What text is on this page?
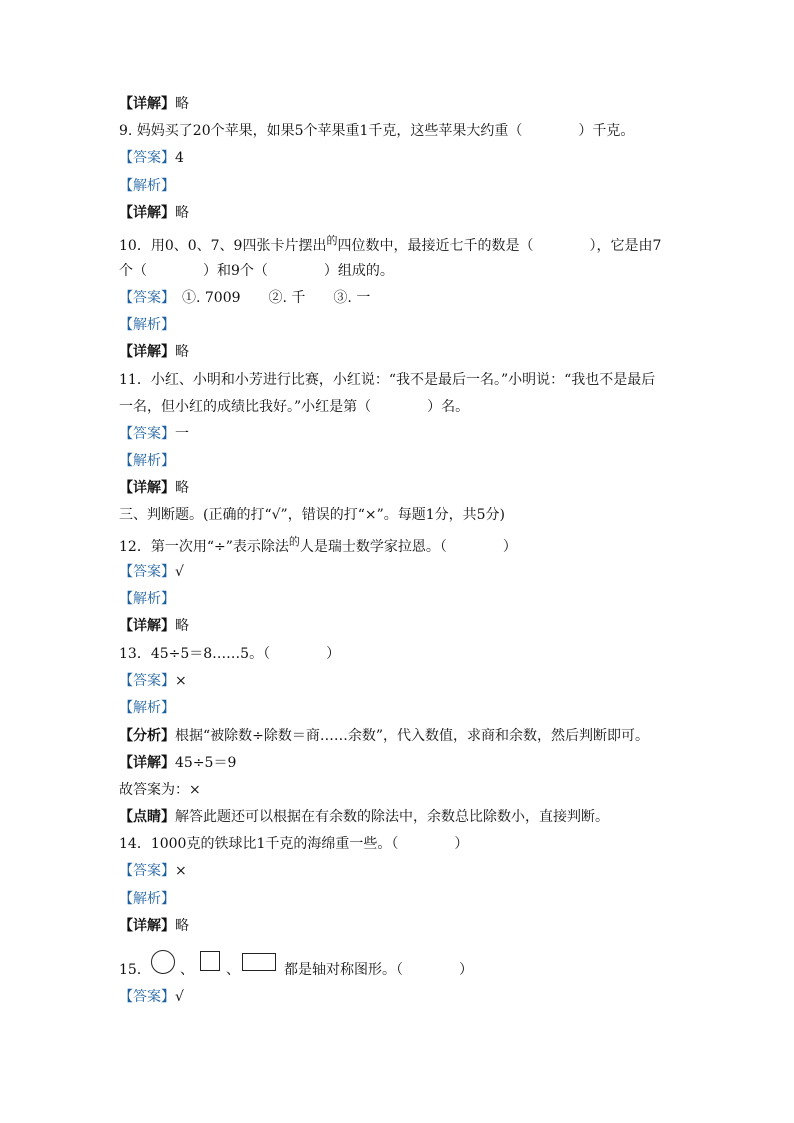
【详解】略
9. 妈妈买了20个苹果，如果5个苹果重1千克，这些苹果大约重（　　　　）千克。
【答案】4
【解析】
【详解】略
10．用0、0、7、9四张卡片摆出$^的$四位数中，最接近七千的数是（　　　　），它是由7
个（　　　　）和9个（　　　　）组成的。
【答案】　①. 7009　　②. 千　　③. 一
【解析】
【详解】略
11．小红、小明和小芳进行比赛，小红说：“我不是最后一名。”小明说：“我也不是最后
一名，但小红的成绩比我好。”小红是第（　　　　）名。
【答案】一
【解析】
【详解】略
三、判断题。(正确的打“√”，错误的打“×”。每题1分，共5分)
12．第一次用“÷”表示除法$^的$人是瑞士数学家拉恩。（　　　　）
【答案】√
【解析】
【详解】略
13．45÷5＝8……5。（　　　　）
【答案】×
【解析】
【分析】根据“被除数÷除数＝商……余数”，代入数值，求商和余数，然后判断即可。
【详解】45÷5＝9
故答案为：×
【点睛】解答此题还可以根据在有余数的除法中，余数总比除数小，直接判断。
14．1000克的铁球比1千克的海绵重一些。（　　　　）
【答案】×
【解析】
【详解】略
15． 、 、	都是轴对称图形。（　　　　）
【答案】√
